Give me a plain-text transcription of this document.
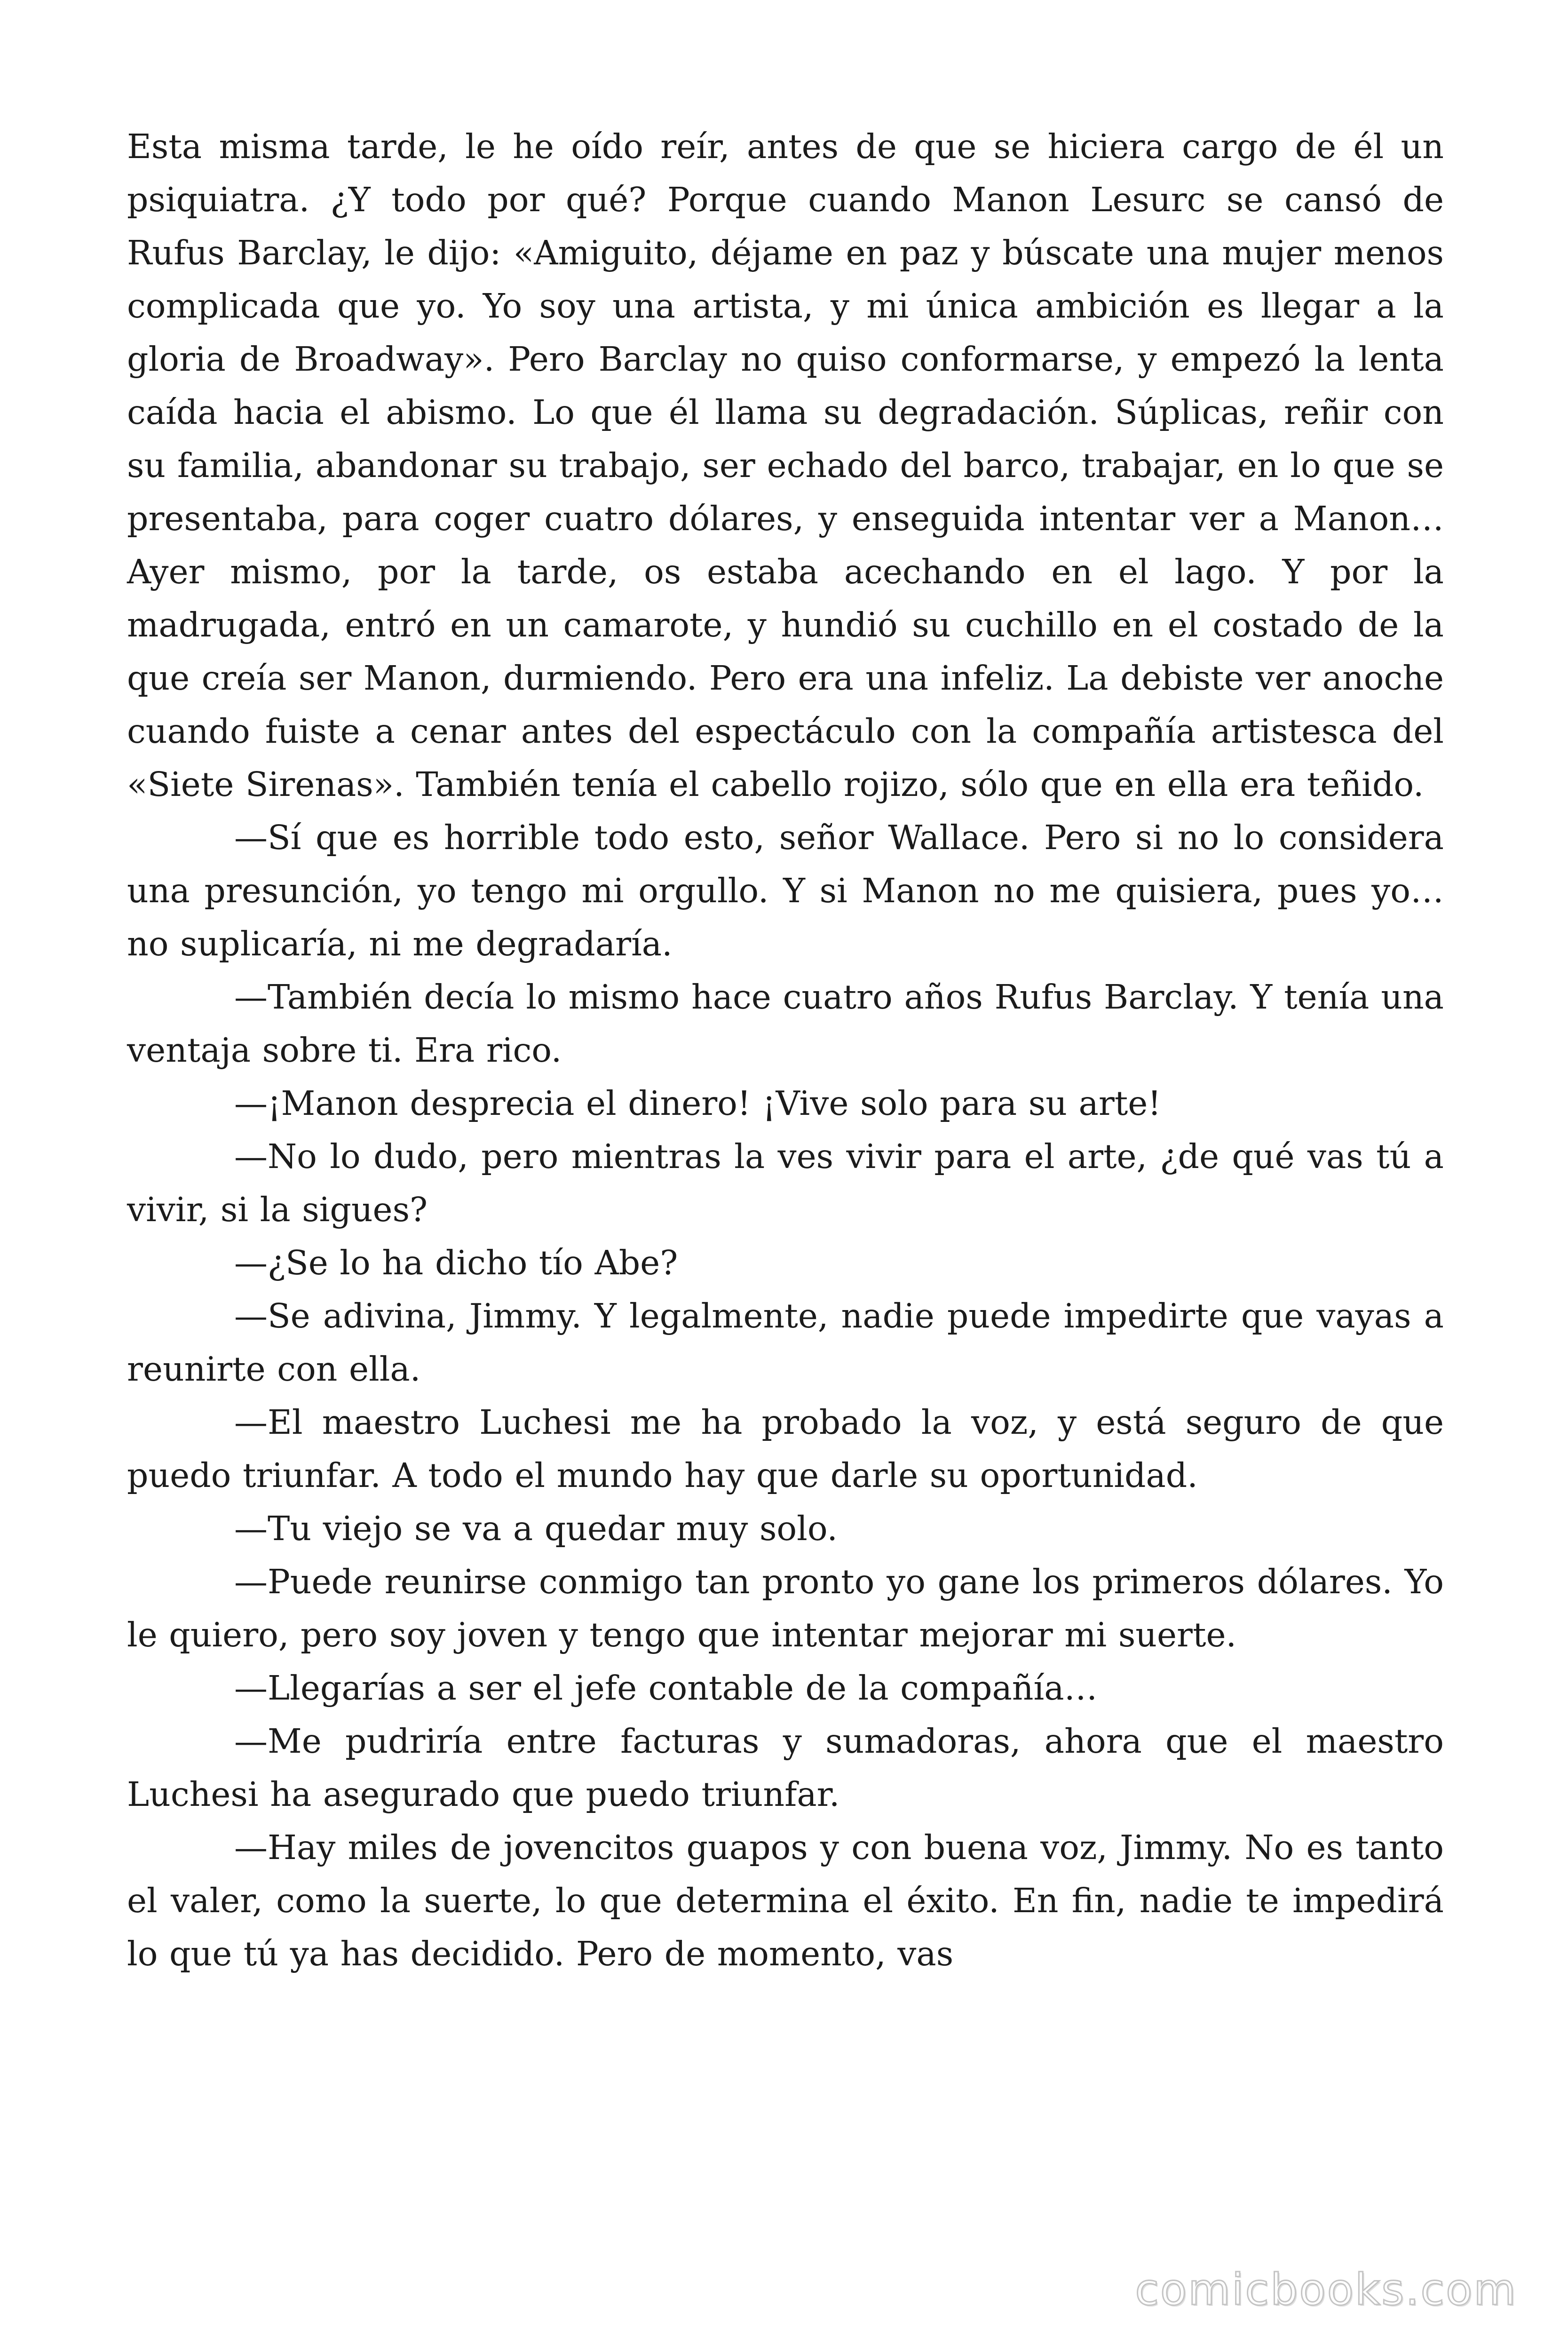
Esta misma tarde, le he oído reír, antes de que se hiciera cargo de él un psiquiatra. ¿Y todo por qué? Porque cuando Manon Lesurc se cansó de Rufus Barclay, le dijo: «Amiguito, déjame en paz y búscate una mujer menos complicada que yo. Yo soy una artista, y mi única ambición es llegar a la gloria de Broadway». Pero Barclay no quiso conformarse, y empezó la lenta caída hacia el abismo. Lo que él llama su degradación. Súplicas, reñir con su familia, abandonar su trabajo, ser echado del barco, trabajar, en lo que se presentaba, para coger cuatro dólares, y enseguida intentar ver a Manon… Ayer mismo, por la tarde, os estaba acechando en el lago. Y por la madrugada, entró en un camarote, y hundió su cuchillo en el costado de la que creía ser Manon, durmiendo. Pero era una infeliz. La debiste ver anoche cuando fuiste a cenar antes del espectáculo con la compañía artistesca del «Siete Sirenas». También tenía el cabello rojizo, sólo que en ella era teñido.

—Sí que es horrible todo esto, señor Wallace. Pero si no lo considera una presunción, yo tengo mi orgullo. Y si Manon no me quisiera, pues yo… no suplicaría, ni me degradaría.

—También decía lo mismo hace cuatro años Rufus Barclay. Y tenía una ventaja sobre ti. Era rico.

—¡Manon desprecia el dinero! ¡Vive solo para su arte!

—No lo dudo, pero mientras la ves vivir para el arte, ¿de qué vas tú a vivir, si la sigues?

—¿Se lo ha dicho tío Abe?

—Se adivina, Jimmy. Y legalmente, nadie puede impedirte que vayas a reunirte con ella.

—El maestro Luchesi me ha probado la voz, y está seguro de que puedo triunfar. A todo el mundo hay que darle su oportunidad.

—Tu viejo se va a quedar muy solo.

—Puede reunirse conmigo tan pronto yo gane los primeros dólares. Yo le quiero, pero soy joven y tengo que intentar mejorar mi suerte.

—Llegarías a ser el jefe contable de la compañía…

—Me pudriría entre facturas y sumadoras, ahora que el maestro Luchesi ha asegurado que puedo triunfar.

—Hay miles de jovencitos guapos y con buena voz, Jimmy. No es tanto el valer, como la suerte, lo que determina el éxito. En fin, nadie te impedirá lo que tú ya has decidido. Pero de momento, vas

comicbooks.com
